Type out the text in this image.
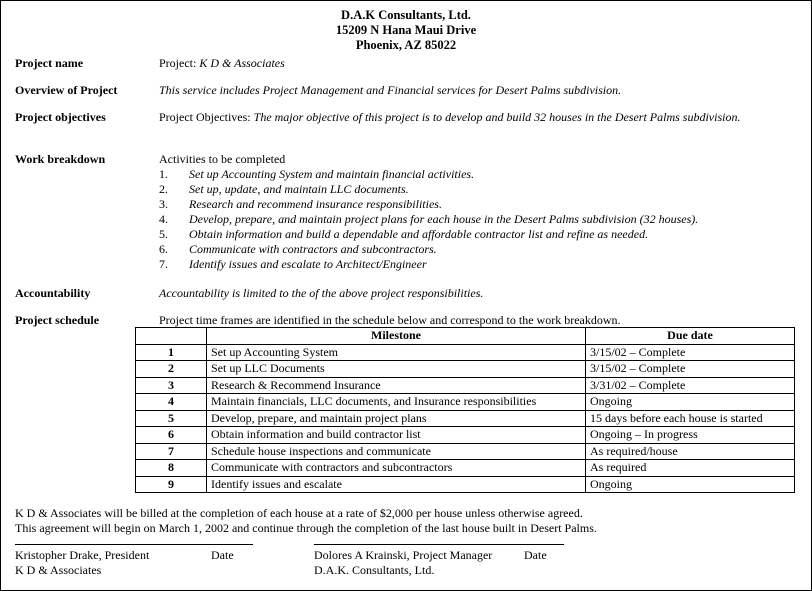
D.A.K Consultants, Ltd.
15209 N Hana Maui Drive
Phoenix, AZ 85022
Project name	Project: K D & Associates
Overview of Project	This service includes Project Management and Financial services for Desert Palms subdivision.
Project objectives	Project Objectives: The major objective of this project is to develop and build 32 houses in the Desert Palms subdivision.
Work breakdown	Activities to be completed
1. Set up Accounting System and maintain financial activities.
2. Set up, update, and maintain LLC documents.
3. Research and recommend insurance responsibilities.
4. Develop, prepare, and maintain project plans for each house in the Desert Palms subdivision (32 houses).
5. Obtain information and build a dependable and affordable contractor list and refine as needed.
6. Communicate with contractors and subcontractors.
7. Identify issues and escalate to Architect/Engineer
Accountability	Accountability is limited to the of the above project responsibilities.
Project schedule	Project time frames are identified in the schedule below and correspond to the work breakdown.
	Milestone	Due date
1	Set up Accounting System	3/15/02 – Complete
2	Set up LLC Documents	3/15/02 – Complete
3	Research & Recommend Insurance	3/31/02 – Complete
4	Maintain financials, LLC documents, and Insurance responsibilities	Ongoing
5	Develop, prepare, and maintain project plans	15 days before each house is started
6	Obtain information and build contractor list	Ongoing – In progress
7	Schedule house inspections and communicate	As required/house
8	Communicate with contractors and subcontractors	As required
9	Identify issues and escalate	Ongoing
K D & Associates will be billed at the completion of each house at a rate of $2,000 per house unless otherwise agreed.
This agreement will begin on March 1, 2002 and continue through the completion of the last house built in Desert Palms.
Kristopher Drake, President	Date
K D & Associates
Dolores A Krainski, Project Manager	Date
D.A.K. Consultants, Ltd.
